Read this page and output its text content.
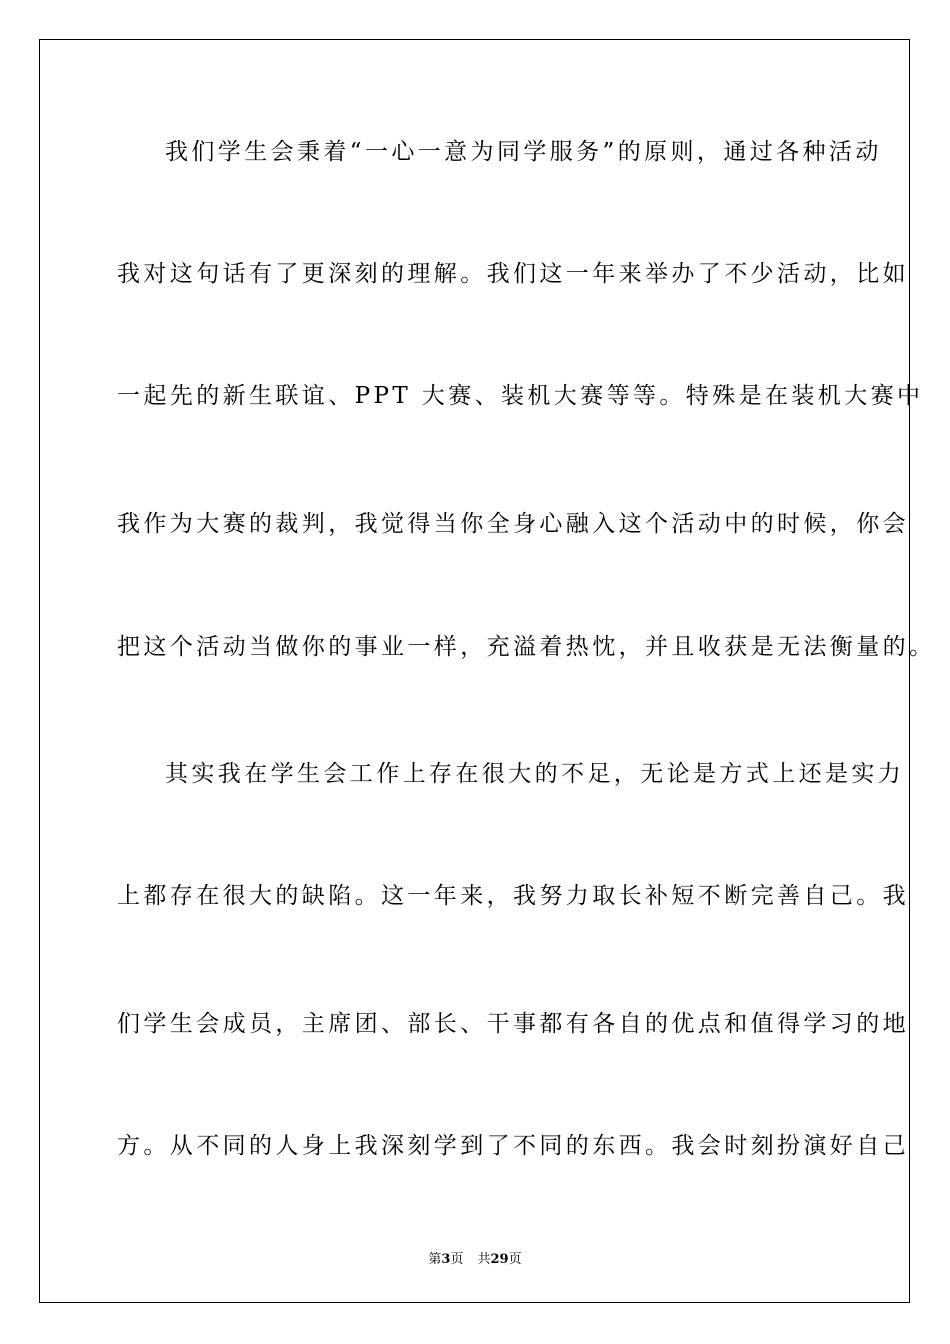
我们学生会秉着“一心一意为同学服务”的原则，通过各种活动
我对这句话有了更深刻的理解。我们这一年来举办了不少活动，比如
一起先的新生联谊、PPT 大赛、装机大赛等等。特殊是在装机大赛中
我作为大赛的裁判，我觉得当你全身心融入这个活动中的时候，你会
把这个活动当做你的事业一样，充溢着热忱，并且收获是无法衡量的。
其实我在学生会工作上存在很大的不足，无论是方式上还是实力
上都存在很大的缺陷。这一年来，我努力取长补短不断完善自己。我
们学生会成员，主席团、部长、干事都有各自的优点和值得学习的地
方。从不同的人身上我深刻学到了不同的东西。我会时刻扮演好自己
第3页 共29页
